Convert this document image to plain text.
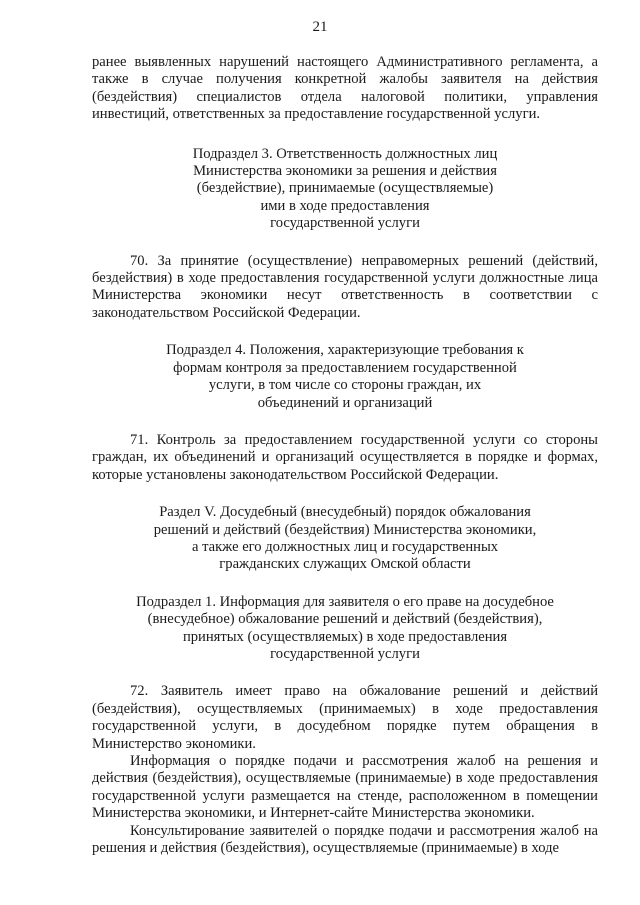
21

ранее выявленных нарушений настоящего Административного регламента, а также в случае получения конкретной жалобы заявителя на действия (бездействия) специалистов отдела налоговой политики, управления инвестиций, ответственных за предоставление государственной услуги.

Подраздел 3. Ответственность должностных лиц
Министерства экономики за решения и действия
(бездействие), принимаемые (осуществляемые)
ими в ходе предоставления
государственной услуги

70. За принятие (осуществление) неправомерных решений (действий, бездействия) в ходе предоставления государственной услуги должностные лица Министерства экономики несут ответственность в соответствии с законодательством Российской Федерации.

Подраздел 4. Положения, характеризующие требования к
формам контроля за предоставлением государственной
услуги, в том числе со стороны граждан, их
объединений и организаций

71. Контроль за предоставлением государственной услуги со стороны граждан, их объединений и организаций осуществляется в порядке и формах, которые установлены законодательством Российской Федерации.

Раздел V. Досудебный (внесудебный) порядок обжалования
решений и действий (бездействия) Министерства экономики,
а также его должностных лиц и государственных
гражданских служащих Омской области

Подраздел 1. Информация для заявителя о его праве на досудебное
(внесудебное) обжалование решений и действий (бездействия),
принятых (осуществляемых) в ходе предоставления
государственной услуги

72. Заявитель имеет право на обжалование решений и действий (бездействия), осуществляемых (принимаемых) в ходе предоставления государственной услуги, в досудебном порядке путем обращения в Министерство экономики.

Информация о порядке подачи и рассмотрения жалоб на решения и действия (бездействия), осуществляемые (принимаемые) в ходе предоставления государственной услуги размещается на стенде, расположенном в помещении Министерства экономики, и Интернет-сайте Министерства экономики.

Консультирование заявителей о порядке подачи и рассмотрения жалоб на решения и действия (бездействия), осуществляемые (принимаемые) в ходе
